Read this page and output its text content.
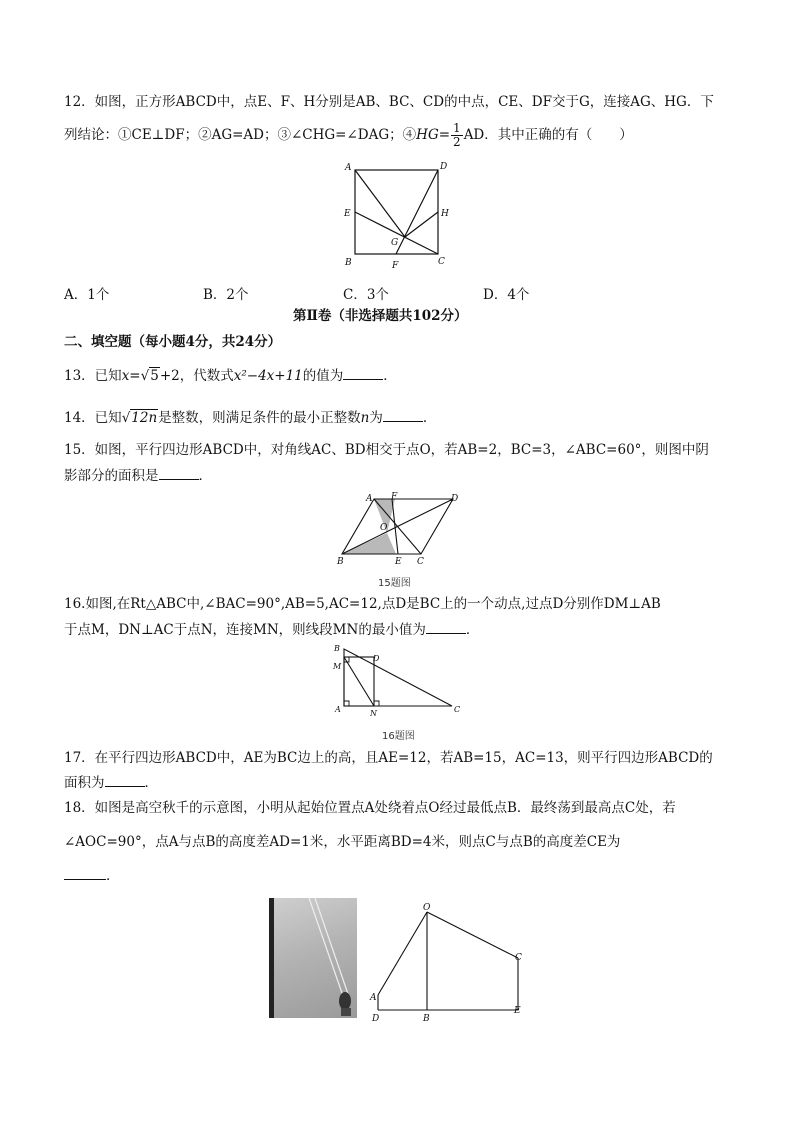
12．如图，正方形ABCD中，点E、F、H分别是AB、BC、CD的中点，CE、DF交于G，连接AG、HG．下
列结论：①CE⊥DF；②AG=AD；③∠CHG=∠DAG；④HG= $\frac{1}{2}$ AD．其中正确的有（　　）
A	D
E	H
G
B	F	C
A．1个	B．2个	C．3个	D．4个
第Ⅱ卷（非选择题共102分）
二、填空题（每小题4分，共24分）
13．已知x=√5+2，代数式x²−4x+11的值为	．
14．已知√12n是整数，则满足条件的最小正整数n为	．
15．如图，平行四边形ABCD中，对角线AC、BD相交于点O，若AB=2，BC=3，∠ABC=60°，则图中阴
影部分的面积是	．
A F	D
O
B	E C
15题图
16.如图,在Rt△ABC中,∠BAC=90°,AB=5,AC=12,点D是BC上的一个动点,过点D分别作DM⊥AB
于点M，DN⊥AC于点N，连接MN，则线段MN的最小值为	．
B
M
D
A	N	C
16题图
17．在平行四边形ABCD中，AE为BC边上的高，且AE=12，若AB=15，AC=13，则平行四边形ABCD的
面积为	．
18．如图是高空秋千的示意图，小明从起始位置点A处绕着点O经过最低点B．最终荡到最高点C处，若
∠AOC=90°，点A与点B的高度差AD=1米，水平距离BD=4米，则点C与点B的高度差CE为
．
O
C
A
D	B
E
